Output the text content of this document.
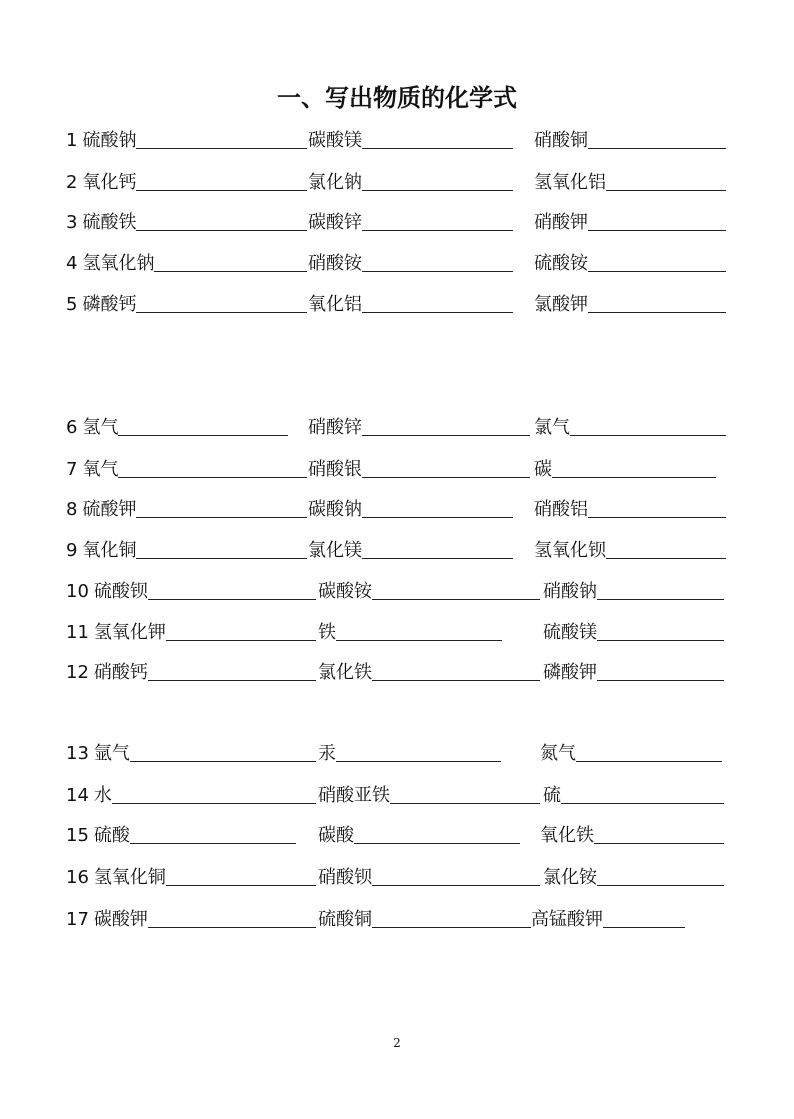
一、写出物质的化学式
1 硫酸钠	碳酸镁	硝酸铜
2 氧化钙	氯化钠	氢氧化铝
3 硫酸铁	碳酸锌	硝酸钾
4 氢氧化钠	硝酸铵	硫酸铵
5 磷酸钙	氧化铝	氯酸钾
6 氢气	硝酸锌	氯气
7 氧气	硝酸银	碳
8 硫酸钾	碳酸钠	硝酸铝
9 氧化铜	氯化镁	氢氧化钡
10 硫酸钡	碳酸铵	硝酸钠
11 氢氧化钾	铁	硫酸镁
12 硝酸钙	氯化铁	磷酸钾
13 氩气	汞	氮气
14 水	硝酸亚铁	硫
15 硫酸	碳酸	氧化铁
16 氢氧化铜	硝酸钡	氯化铵
17 碳酸钾	硫酸铜	高锰酸钾
2
